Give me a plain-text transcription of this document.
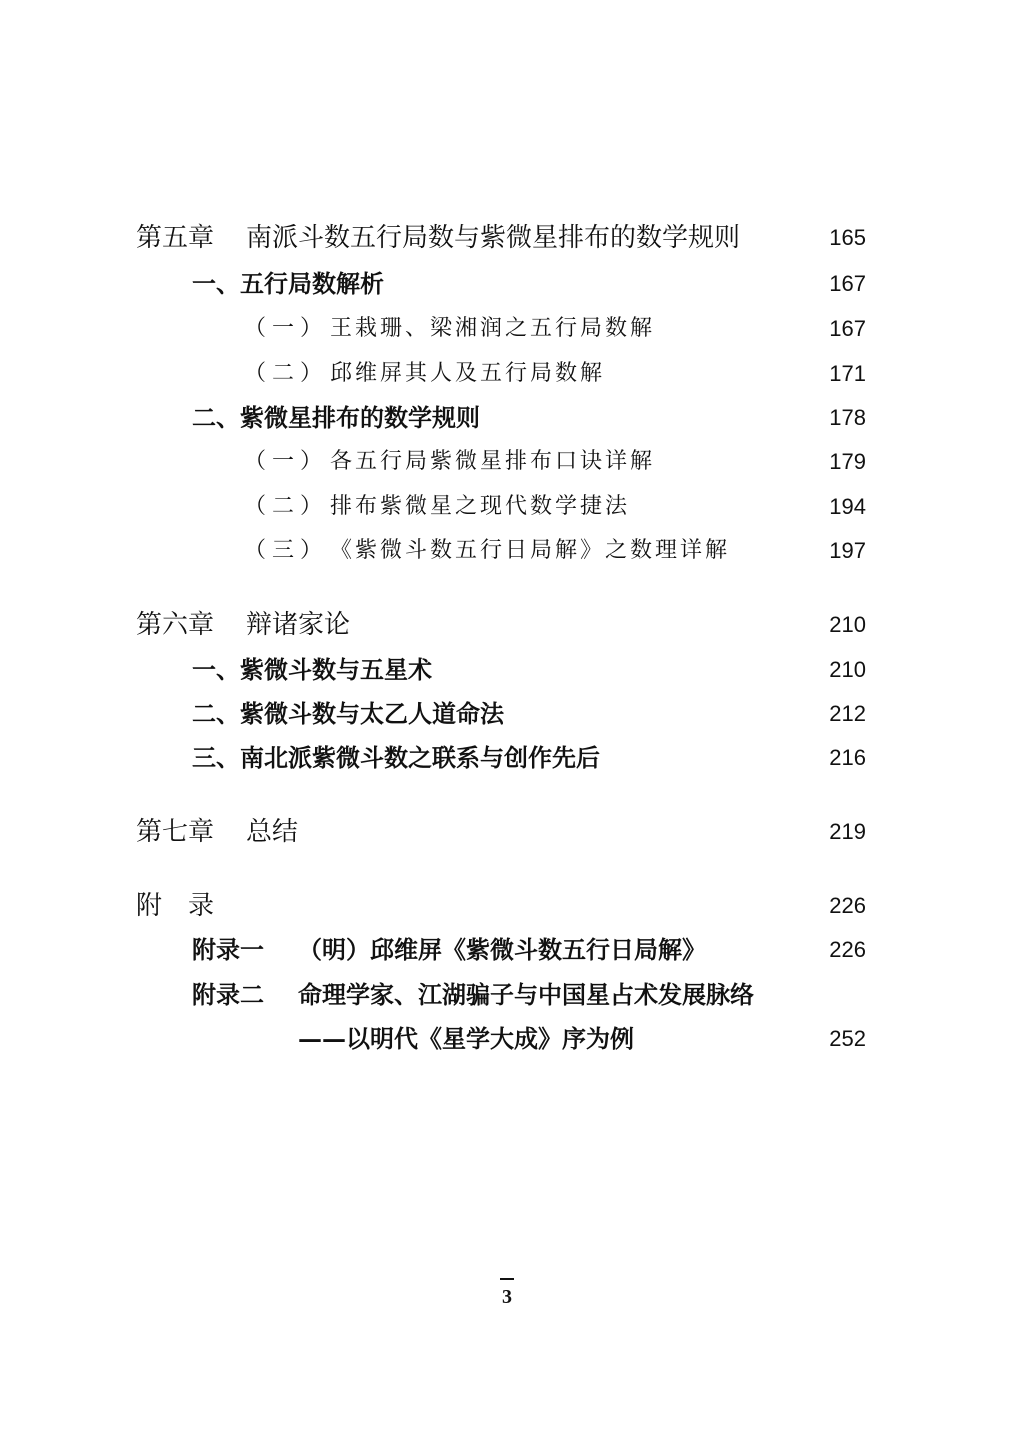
第五章 南派斗数五行局数与紫微星排布的数学规则	165
一、五行局数解析	167
（一） 王栽珊、梁湘润之五行局数解	167
（二） 邱维屏其人及五行局数解	171
二、紫微星排布的数学规则	178
（一） 各五行局紫微星排布口诀详解	179
（二） 排布紫微星之现代数学捷法	194
（三） 《紫微斗数五行日局解》之数理详解	197
第六章 辩诸家论	210
一、紫微斗数与五星术	210
二、紫微斗数与太乙人道命法	212
三、南北派紫微斗数之联系与创作先后	216
第七章 总结	219
附　录	226
附录一 （明）邱维屏《紫微斗数五行日局解》	226
附录二 命理学家、江湖骗子与中国星占术发展脉络
——以明代《星学大成》序为例	252
3
